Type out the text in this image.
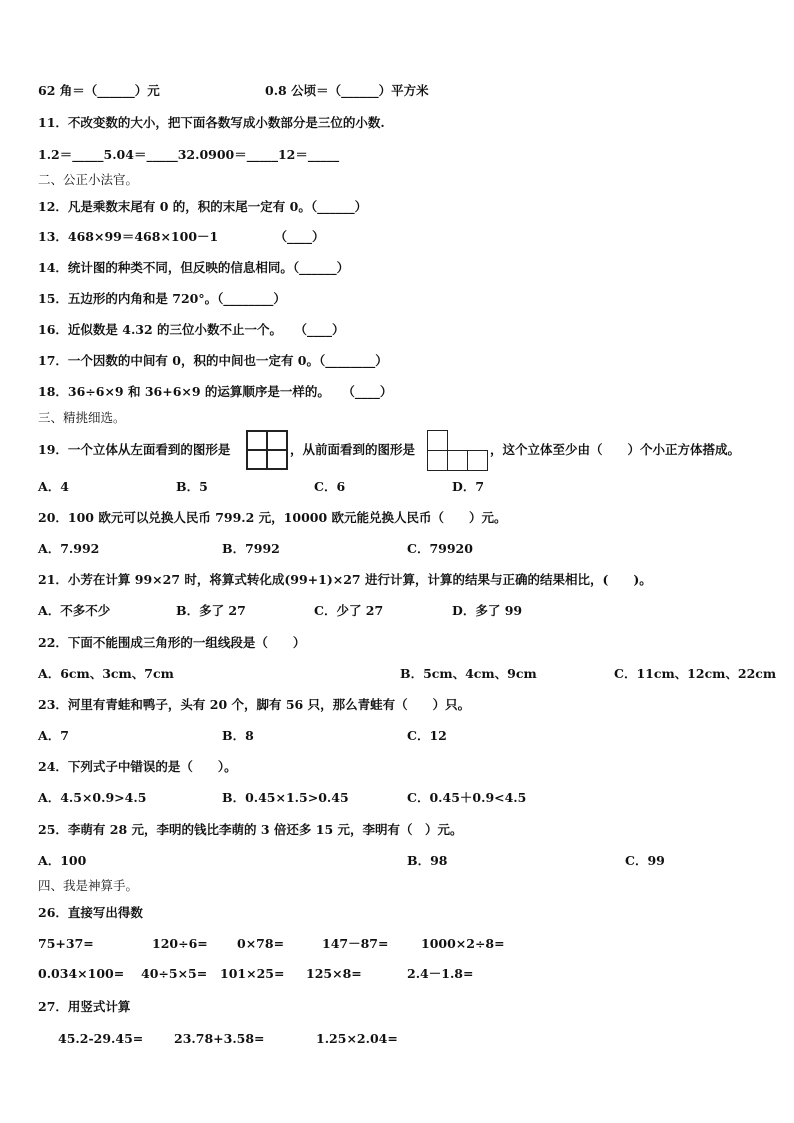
62 角＝（______）元	0.8 公顷＝（______）平方米
11．不改变数的大小，把下面各数写成小数部分是三位的小数.
1.2＝_____5.04＝_____32.0900＝_____12＝_____
二、公正小法官。
12．凡是乘数末尾有 0 的，积的末尾一定有 0。（______）
13．468×99＝468×100－1　　　　　（____）
14．统计图的种类不同，但反映的信息相同。（______）
15．五边形的内角和是 720°。（________）
16．近似数是 4.32 的三位小数不止一个。　　（____）
17．一个因数的中间有 0，积的中间也一定有 0。（________）
18．36÷6×9 和 36+6×9 的运算顺序是一样的。　　（____）
三、精挑细选。
19．一个立体从左面看到的图形是	，从前面看到的图形是	，这个立体至少由（　　）个小正方体搭成。
A．4	B．5	C．6	D．7
20．100 欧元可以兑换人民币 799.2 元，10000 欧元能兑换人民币（　　）元。
A．7.992	B．7992	C．79920
21．小芳在计算 99×27 时，将算式转化成(99+1)×27 进行计算，计算的结果与正确的结果相比，(　　)。
A．不多不少	B．多了 27	C．少了 27	D．多了 99
22．下面不能围成三角形的一组线段是（　　）
A．6cm、3cm、7cm	B．5cm、4cm、9cm	C．11cm、12cm、22cm
23．河里有青蛙和鸭子，头有 20 个，脚有 56 只，那么青蛙有（　　）只。
A．7	B．8	C．12
24．下列式子中错误的是（　　）。
A．4.5×0.9>4.5	B．0.45×1.5>0.45	C．0.45＋0.9<4.5
25．李萌有 28 元，李明的钱比李萌的 3 倍还多 15 元，李明有（　）元。
A．100	B．98	C．99
四、我是神算手。
26．直接写出得数
75+37=	120÷6= 0×78=	147－87=	1000×2÷8=
0.034×100= 40÷5×5= 101×25= 125×8=	2.4－1.8=
27．用竖式计算
45.2-29.45= 23.78+3.58=	1.25×2.04=
